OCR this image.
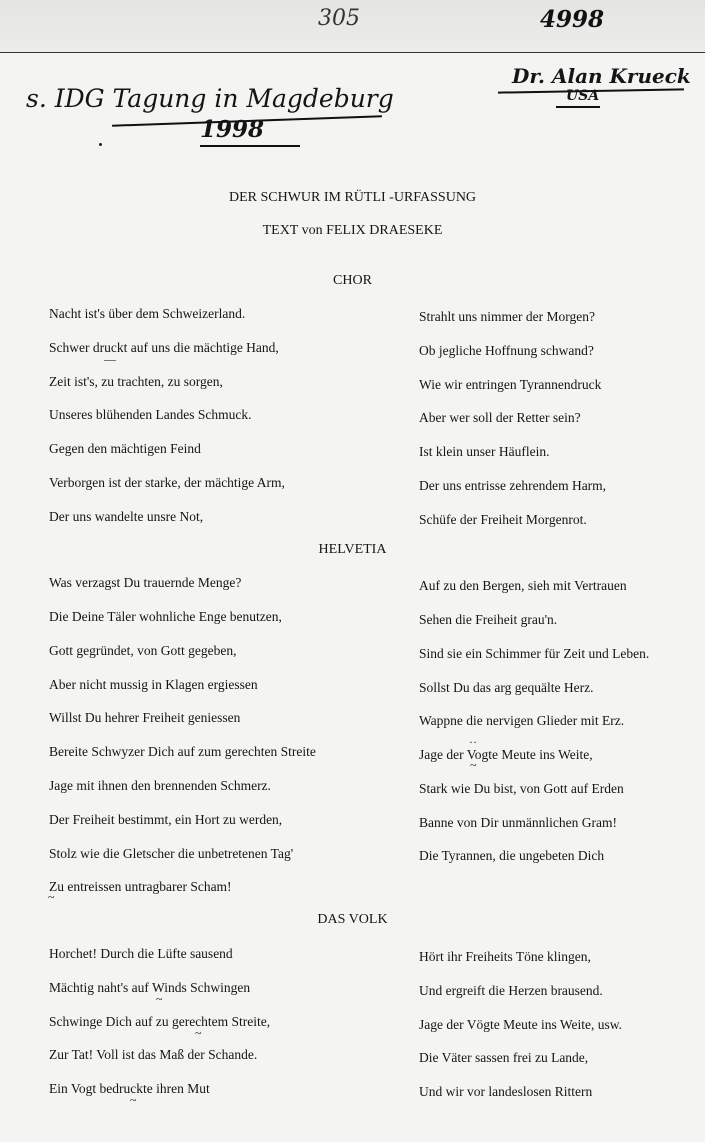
305	4998
s. IDG Tagung in Magdeburg
1998
Dr. Alan Krueck
USA
DER SCHWUR IM RÜTLI -URFASSUNG
TEXT von FELIX DRAESEKE
CHOR
Nacht ist's über dem Schweizerland.
Schwer druckt auf uns die mächtige Hand,
Zeit ist's, zu trachten, zu sorgen,
Unseres blühenden Landes Schmuck.
Gegen den mächtigen Feind
Verborgen ist der starke, der mächtige Arm,
Der uns wandelte unsre Not,
Strahlt uns nimmer der Morgen?
Ob jegliche Hoffnung schwand?
Wie wir entringen Tyrannendruck
Aber wer soll der Retter sein?
Ist klein unser Häuflein.
Der uns entrisse zehrendem Harm,
Schüfe der Freiheit Morgenrot.
HELVETIA
Was verzagst Du trauernde Menge?
Die Deine Täler wohnliche Enge benutzen,
Gott gegründet, von Gott gegeben,
Aber nicht mussig in Klagen ergiessen
Willst Du hehrer Freiheit geniessen
Bereite Schwyzer Dich auf zum gerechten Streite
Jage mit ihnen den brennenden Schmerz.
Der Freiheit bestimmt, ein Hort zu werden,
Stolz wie die Gletscher die unbetretenen Tag'
Zu entreissen untragbarer Scham!
Auf zu den Bergen, sieh mit Vertrauen
Sehen die Freiheit grau'n.
Sind sie ein Schimmer für Zeit und Leben.
Sollst Du das arg gequälte Herz.
Wappne die nervigen Glieder mit Erz.
Jage der Vogte Meute ins Weite,
Stark wie Du bist, von Gott auf Erden
Banne von Dir unmännlichen Gram!
Die Tyrannen, die ungebeten Dich
DAS VOLK
Horchet! Durch die Lüfte sausend
Mächtig naht's auf Winds Schwingen
Schwinge Dich auf zu gerechtem Streite,
Zur Tat! Voll ist das Maß der Schande.
Ein Vogt bedruckte ihren Mut
Hört ihr Freiheits Töne klingen,
Und ergreift die Herzen brausend.
Jage der Vögte Meute ins Weite, usw.
Die Väter sassen frei zu Lande,
Und wir vor landeslosen Rittern
—
~
··
~
~
~
~
